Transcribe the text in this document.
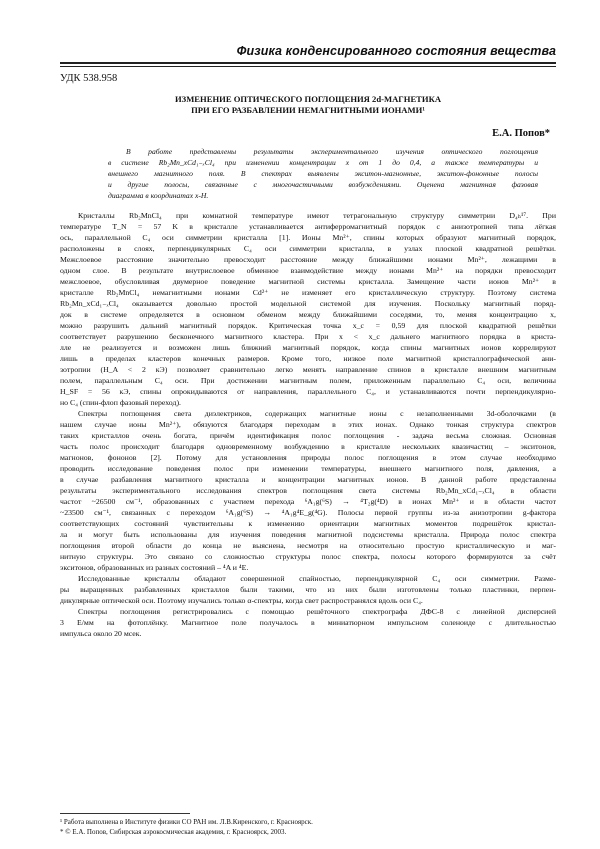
Физика конденсированного состояния вещества
УДК 538.958
ИЗМЕНЕНИЕ ОПТИЧЕСКОГО ПОГЛОЩЕНИЯ 2d-МАГНЕТИКА
ПРИ ЕГО РАЗБАВЛЕНИИ НЕМАГНИТНЫМИ ИОНАМИ¹
Е.А. Попов*
В работе представлены результаты экспериментального изучения оптического поглощения
в системе Rb₂Mn_xCd₁₋ₓCl₄ при изменении концентрации x от 1 до 0,4, а также температуры и
внешнего магнитного поля. В спектрах выявлены экситон-магнонные, экситон-фононные полосы
и другие полосы, связанные с многочастичными возбуждениями. Оценена магнитная фазовая
диаграмма в координатах x-H.
Кристаллы Rb₂MnCl₄ при комнатной температуре имеют тетрагональную структуру симметрии D₄ₕ¹⁷. При
температуре T_N = 57 K в кристалле устанавливается антиферромагнитный порядок с анизотропией типа лёгкая
ось, параллельной C₄ оси симметрии кристалла [1]. Ионы Mn²⁺, спины которых образуют магнитный порядок,
расположены в слоях, перпендикулярных C₄ оси симметрии кристалла, в узлах плоской квадратной решётки.
Межслоевое расстояние значительно превосходит расстояние между ближайшими ионами Mn²⁺, лежащими в
одном слое. В результате внутрислоевое обменное взаимодействие между ионами Mn²⁺ на порядки превосходит
межслоевое, обусловливая двумерное поведение магнитной системы кристалла. Замещение части ионов Mn²⁺ в
кристалле Rb₂MnCl₄ немагнитными ионами Cd²⁺ не изменяет его кристаллическую структуру. Поэтому система
Rb₂Mn_xCd₁₋ₓCl₄ оказывается довольно простой модельной системой для изучения. Поскольку магнитный поряд-
док в системе определяется в основном обменом между ближайшими соседями, то, меняя концентрацию x,
можно разрушить дальний магнитный порядок. Критическая точка x_c = 0,59 для плоской квадратной решётки
соответствует разрушению бесконечного магнитного кластера. При x < x_c дальнего магнитного порядка в криста-
лле не реализуется и возможен лишь ближний магнитный порядок, когда спины магнитных ионов коррелируют
лишь в пределах кластеров конечных размеров. Кроме того, низкое поле магнитной кристаллографической ани-
зотропии (H_A < 2 кЭ) позволяет сравнительно легко менять направление спинов в кристалле внешним магнитным
полем, параллельным C₄ оси. При достижении магнитным полем, приложенным параллельно C₄ оси, величины
H_SF = 56 кЭ, спины опрокидываются от направления, параллельного C₄, и устанавливаются почти перпендикулярно-
но C₄ (спин-флоп фазовый переход).
Спектры поглощения света диэлектриков, содержащих магнитные ионы с незаполненными 3d-оболочками (в
нашем случае ионы Mn²⁺), обязуются благодаря переходам в этих ионах. Однако тонкая структура спектров
таких кристаллов очень богата, причём идентификация полос поглощения - задача весьма сложная. Основная
часть полос происходит благодаря одновременному возбуждению в кристалле нескольких квазичастиц – экситонов,
магнонов, фононов [2]. Потому для установления природы полос поглощения в этом случае необходимо
проводить исследование поведения полос при изменении температуры, внешнего магнитного поля, давления, а
в случае разбавления магнитного кристалла и концентрации магнитных ионов. В данной работе представлены
результаты экспериментального исследования спектров поглощения света системы Rb₂Mn_xCd₁₋ₓCl₄ в области
частот ~26500 см⁻¹, образованных с участием перехода ⁶A₁g(⁶S) → ⁴T₂g(⁴D) в ионах Mn²⁺ и в области частот
~23500 см⁻¹, связанных с переходом ⁶A₁g(⁶S) → ⁴A₁g⁴E_g(⁴G). Полосы первой группы из-за анизотропии g-фактора
соответствующих состояний чувствительны к изменению ориентации магнитных моментов подрешёток кристал-
ла и могут быть использованы для изучения поведения магнитной подсистемы кристалла. Природа полос спектра
поглощения второй области до конца не выяснена, несмотря на относительно простую кристаллическую и маг-
нитную структуры. Это связано со сложностью структуры полос спектра, полосы которого формируются за счёт
экситонов, образованных из разных состояний – ⁴A и ⁴E.
Исследованные кристаллы обладают совершенной спайностью, перпендикулярной C₄ оси симметрии. Разме-
ры выращенных разбавленных кристаллов были такими, что из них были изготовлены только пластинки, перпен-
дикулярные оптической оси. Поэтому изучались только α-спектры, когда свет распространялся вдоль оси C₄.
Спектры поглощения регистрировались с помощью решёточного спектрографа ДФС-8 с линейной дисперсией
3 Е/мм на фотоплёнку. Магнитное поле получалось в миниатюрном импульсном соленоиде с длительностью
импульса около 20 мсек.
¹ Работа выполнена в Институте физики СО РАН им. Л.В.Киренского, г. Красноярск.
* © Е.А. Попов, Сибирская аэрокосмическая академия, г. Красноярск, 2003.
